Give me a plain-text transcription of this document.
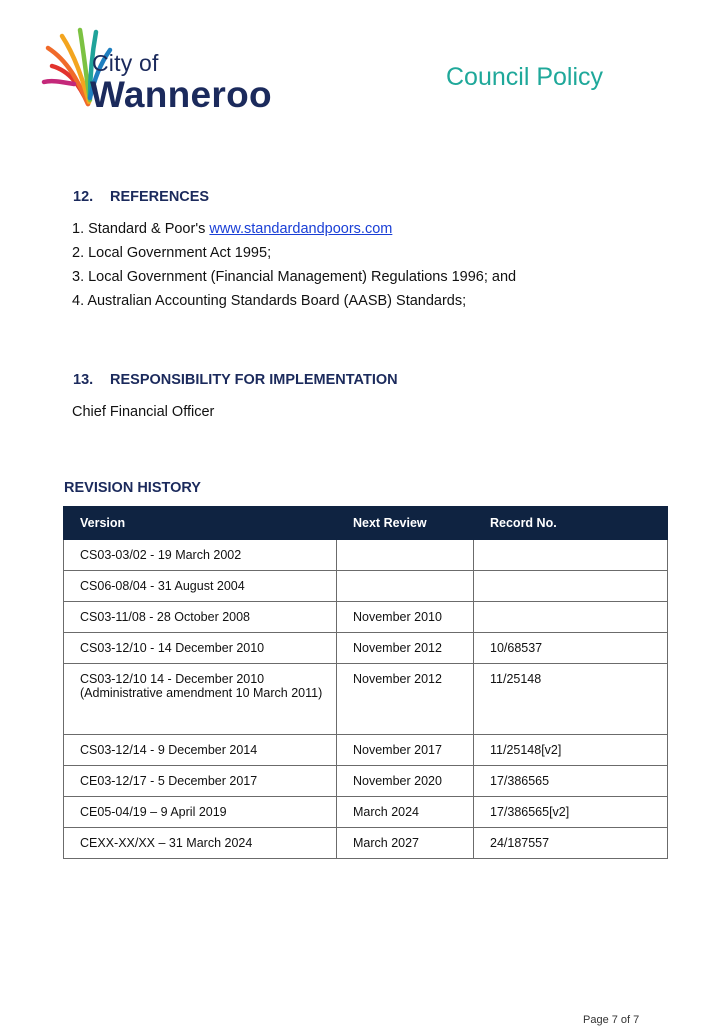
City of
Wanneroo	Council Policy
12. REFERENCES
1. Standard & Poor's www.standardandpoors.com
2. Local Government Act 1995;
3. Local Government (Financial Management) Regulations 1996; and
4. Australian Accounting Standards Board (AASB) Standards;
13. RESPONSIBILITY FOR IMPLEMENTATION
Chief Financial Officer
REVISION HISTORY
Version	Next Review	Record No.
CS03-03/02 - 19 March 2002		
CS06-08/04 - 31 August 2004		
CS03-11/08 - 28 October 2008	November 2010	
CS03-12/10 - 14 December 2010	November 2012	10/68537
CS03-12/10 14 - December 2010
(Administrative amendment 10 March 2011)	November 2012	11/25148
CS03-12/14 - 9 December 2014	November 2017	11/25148[v2]
CE03-12/17 - 5 December 2017	November 2020	17/386565
CE05-04/19 – 9 April 2019	March 2024	17/386565[v2]
CEXX-XX/XX – 31 March 2024	March 2027	24/187557
Page 7 of 7
